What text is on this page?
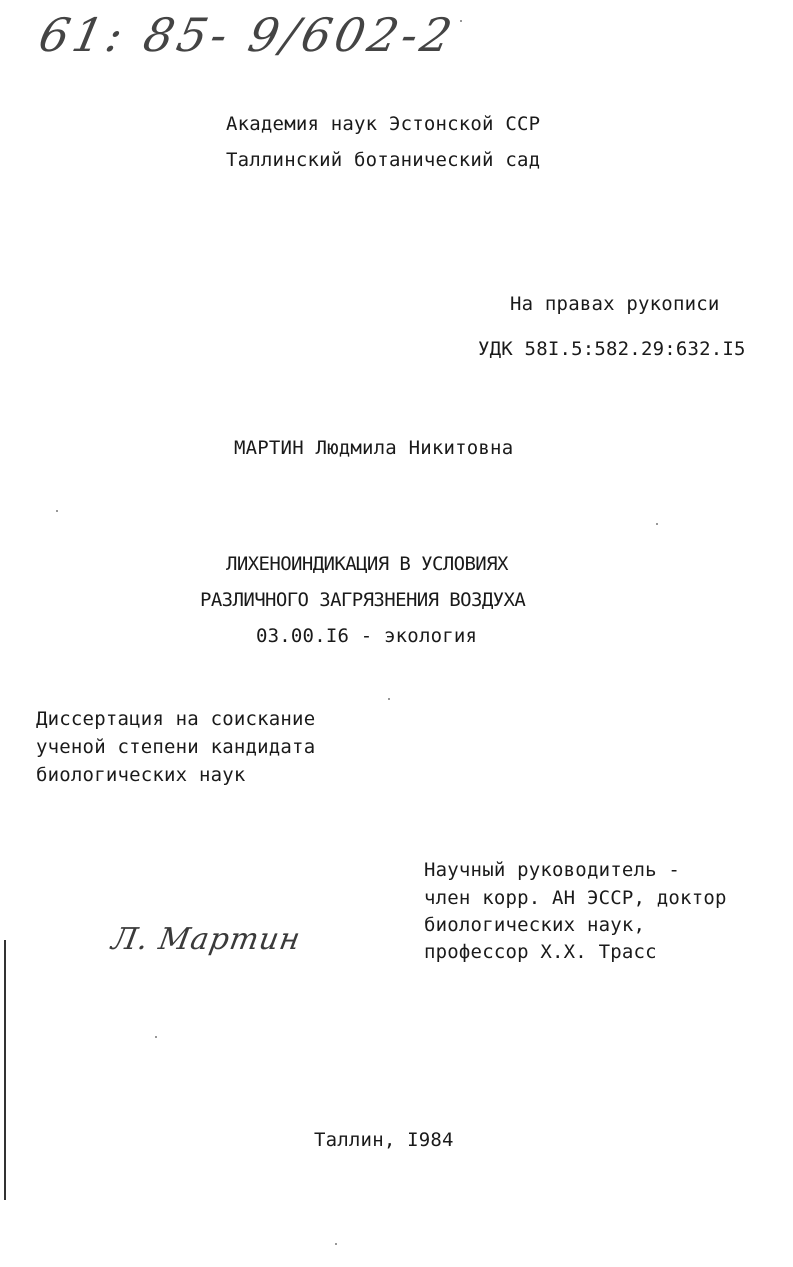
61: 85- 9/602-2
Академия наук Эстонской ССР
Таллинский ботанический сад
На правах рукописи
УДК 58I.5:582.29:632.I5
МАРТИН Людмила Никитовна
ЛИХЕНОИНДИКАЦИЯ В УСЛОВИЯХ
РАЗЛИЧНОГО ЗАГРЯЗНЕНИЯ ВОЗДУХА
03.00.I6 - экология
Диссертация на соискание
ученой степени кандидата
биологических наук
Научный руководитель -
член корр. АН ЭССР, доктор
биологических наук,
профессор Х.Х. Трасс
Л. Мартин
Таллин, I984
